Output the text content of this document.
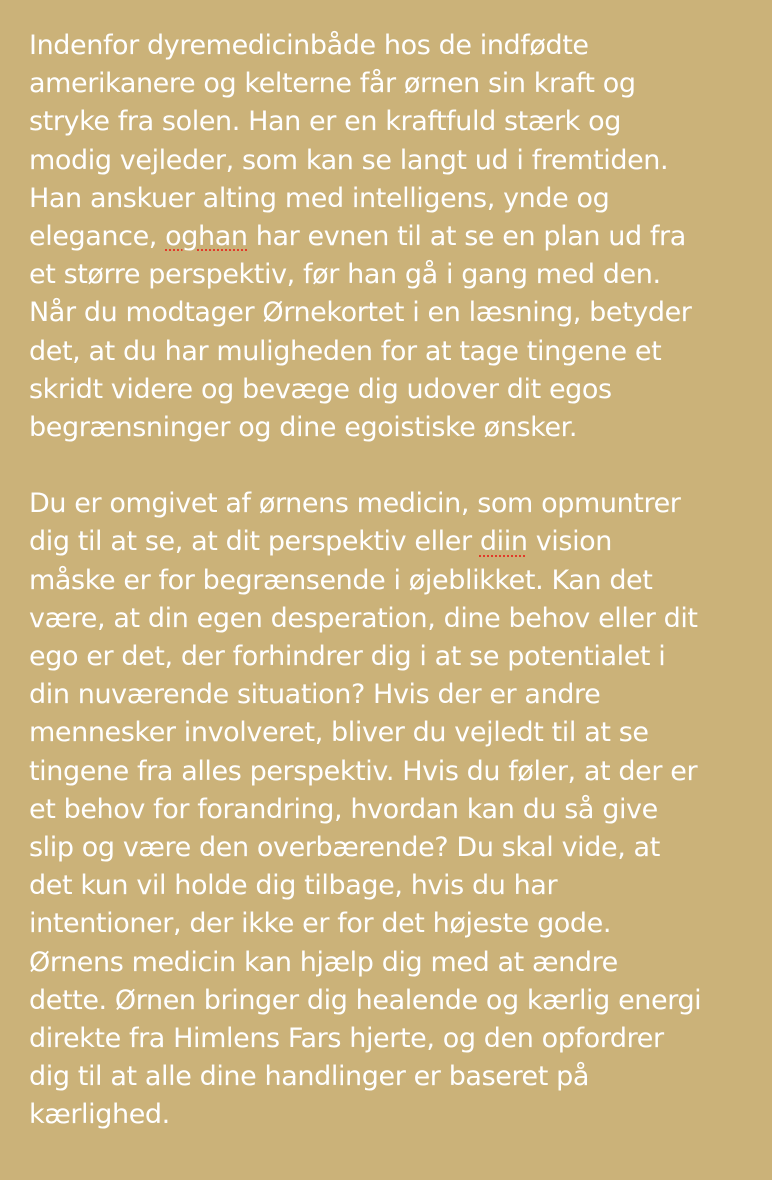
Indenfor dyremedicinbåde hos de indfødte
amerikanere og kelterne får ørnen sin kraft og
stryke fra solen. Han er en kraftfuld stærk og
modig vejleder, som kan se langt ud i fremtiden.
Han anskuer alting med intelligens, ynde og
elegance, oghan har evnen til at se en plan ud fra
et større perspektiv, før han gå i gang med den.
Når du modtager Ørnekortet i en læsning, betyder
det, at du har muligheden for at tage tingene et
skridt videre og bevæge dig udover dit egos
begrænsninger og dine egoistiske ønsker.
Du er omgivet af ørnens medicin, som opmuntrer
dig til at se, at dit perspektiv eller diin vision
måske er for begrænsende i øjeblikket. Kan det
være, at din egen desperation, dine behov eller dit
ego er det, der forhindrer dig i at se potentialet i
din nuværende situation? Hvis der er andre
mennesker involveret, bliver du vejledt til at se
tingene fra alles perspektiv. Hvis du føler, at der er
et behov for forandring, hvordan kan du så give
slip og være den overbærende? Du skal vide, at
det kun vil holde dig tilbage, hvis du har
intentioner, der ikke er for det højeste gode.
Ørnens medicin kan hjælp dig med at ændre
dette. Ørnen bringer dig healende og kærlig energi
direkte fra Himlens Fars hjerte, og den opfordrer
dig til at alle dine handlinger er baseret på
kærlighed.
